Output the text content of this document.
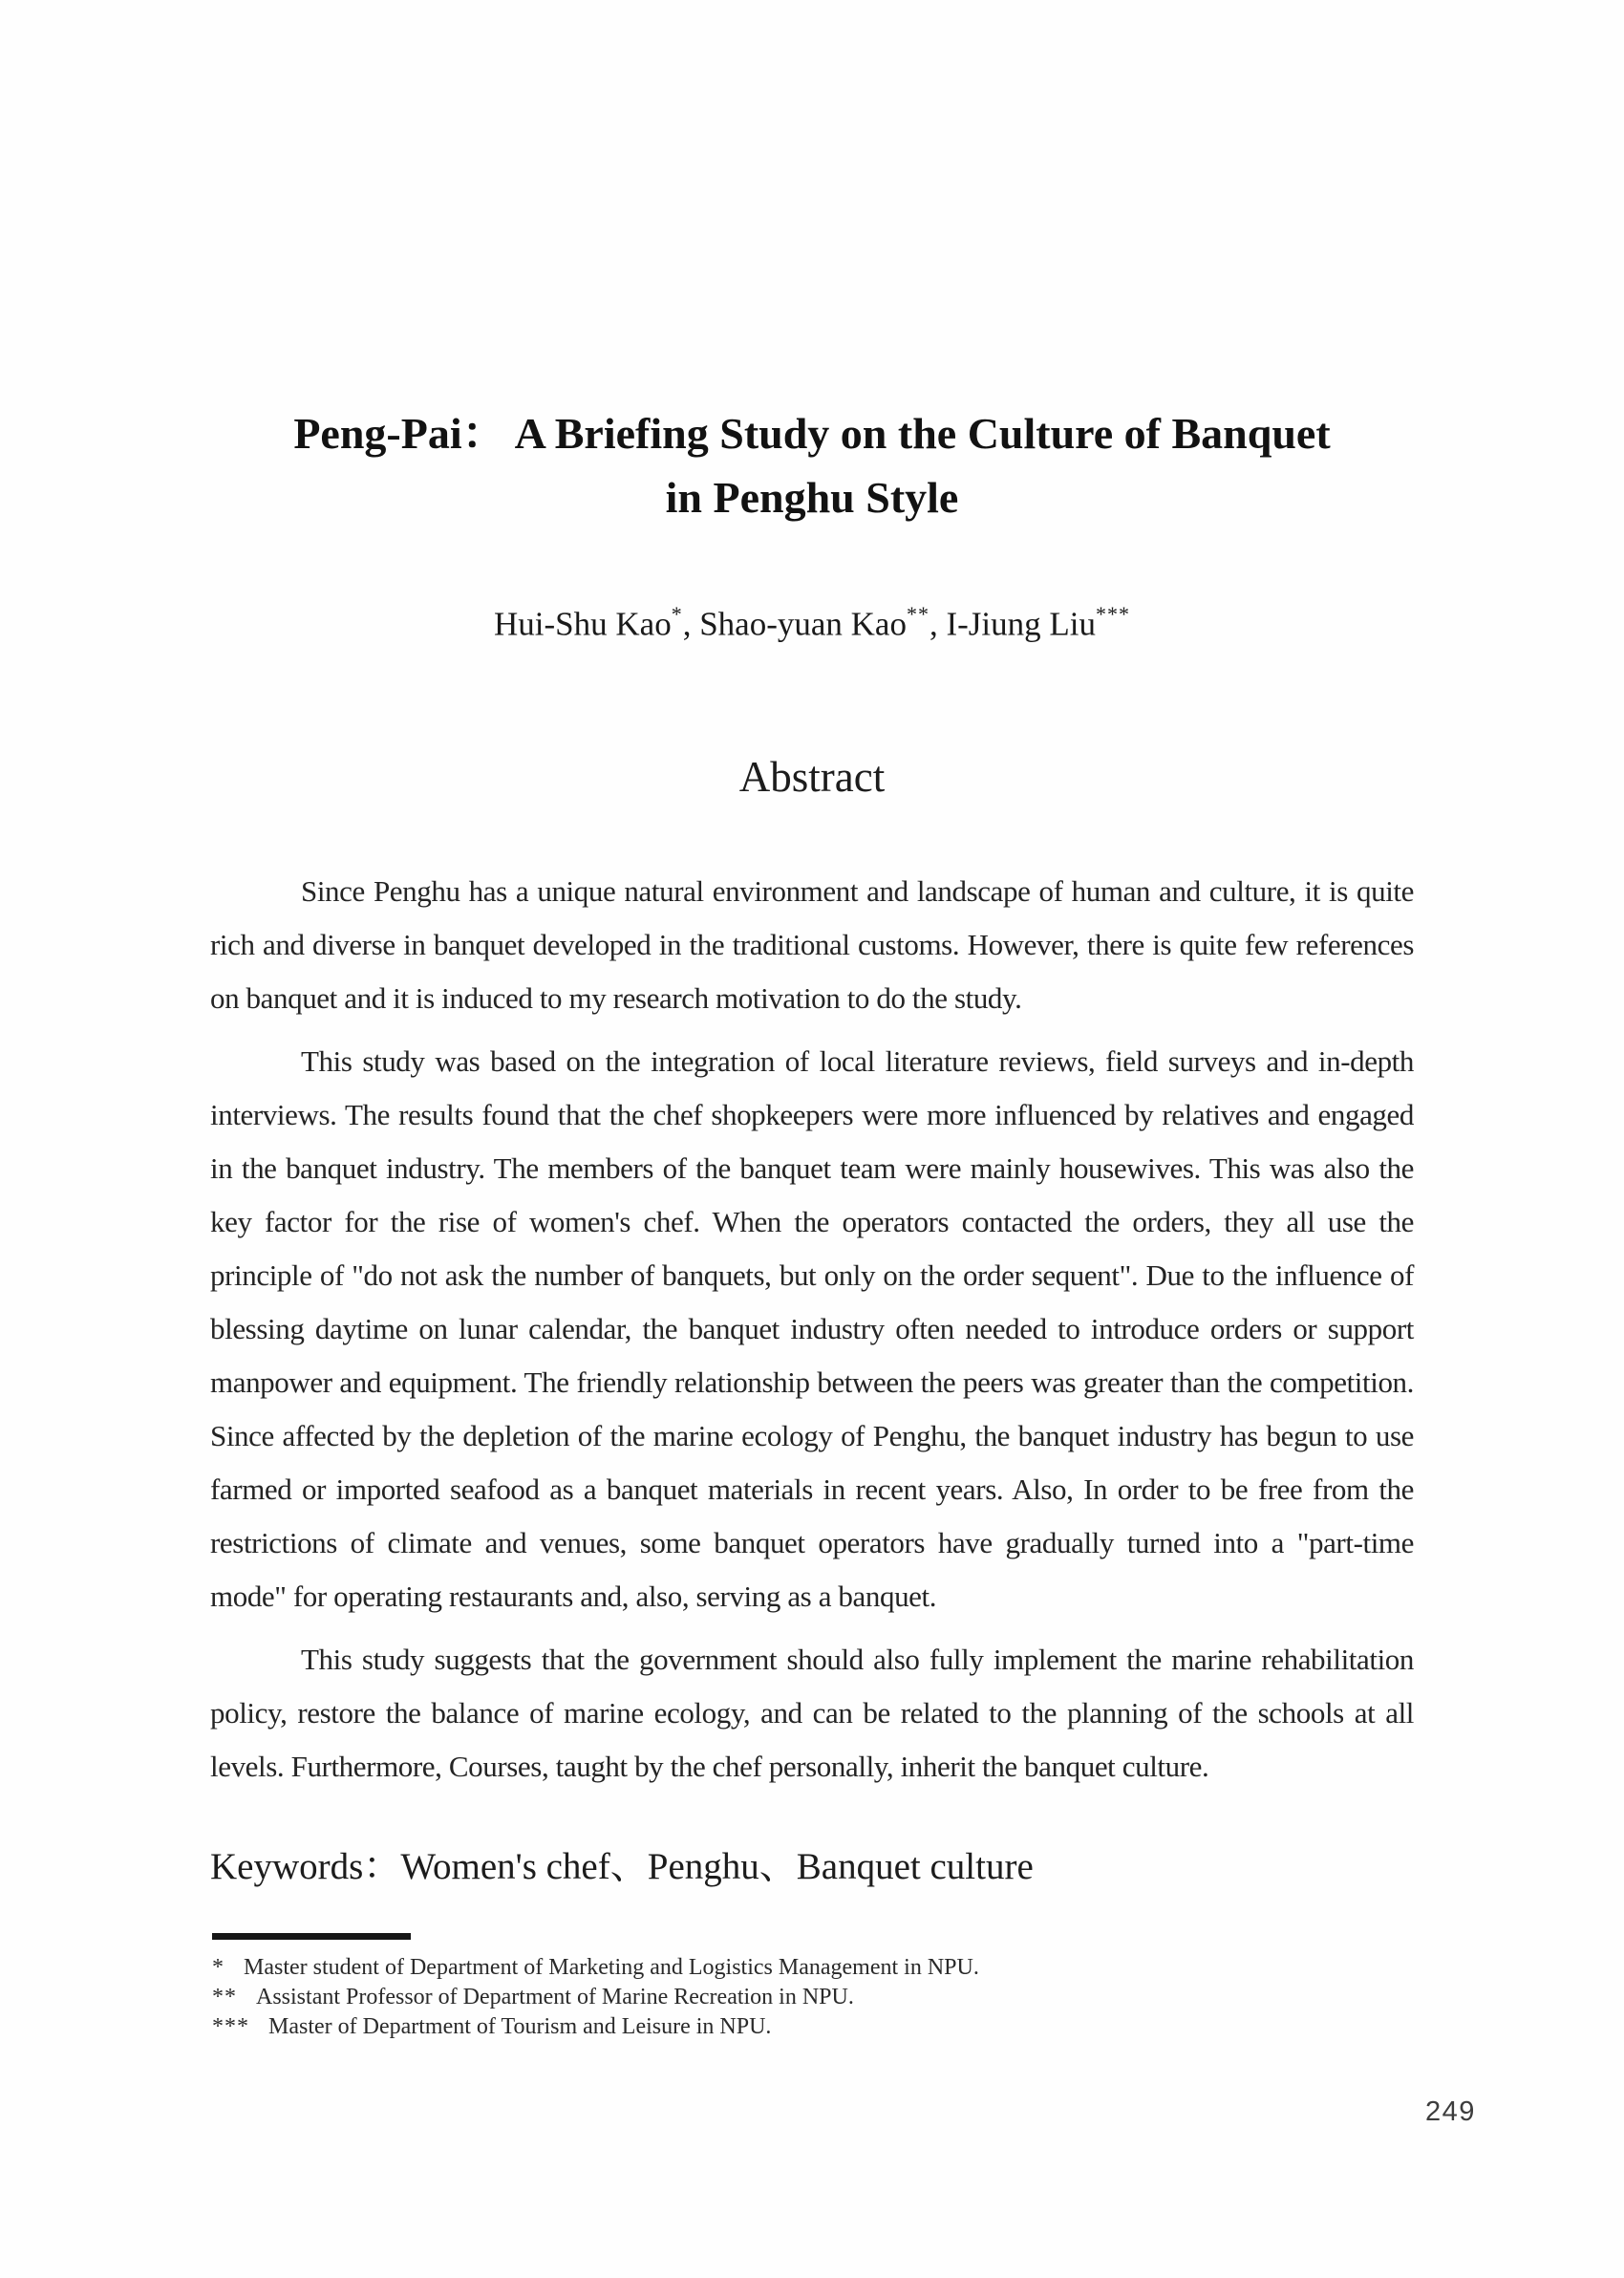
Peng-Pai： A Briefing Study on the Culture of Banquet
in Penghu Style
Hui-Shu Kao*, Shao-yuan Kao**, I-Jiung Liu***
Abstract

Since Penghu has a unique natural environment and landscape of human and culture, it is quite rich and diverse in banquet developed in the traditional customs. However, there is quite few references on banquet and it is induced to my research motivation to do the study.

This study was based on the integration of local literature reviews, field surveys and in-depth interviews. The results found that the chef shopkeepers were more influenced by relatives and engaged in the banquet industry. The members of the banquet team were mainly housewives. This was also the key factor for the rise of women's chef. When the operators contacted the orders, they all use the principle of "do not ask the number of banquets, but only on the order sequent". Due to the influence of blessing daytime on lunar calendar, the banquet industry often needed to introduce orders or support manpower and equipment. The friendly relationship between the peers was greater than the competition. Since affected by the depletion of the marine ecology of Penghu, the banquet industry has begun to use farmed or imported seafood as a banquet materials in recent years. Also, In order to be free from the restrictions of climate and venues, some banquet operators have gradually turned into a "part-time mode" for operating restaurants and, also, serving as a banquet.

This study suggests that the government should also fully implement the marine rehabilitation policy, restore the balance of marine ecology, and can be related to the planning of the schools at all levels. Furthermore, Courses, taught by the chef personally, inherit the banquet culture.

Keywords：Women's chef、Penghu、Banquet culture
* Master student of Department of Marketing and Logistics Management in NPU.
** Assistant Professor of Department of Marine Recreation in NPU.
*** Master of Department of Tourism and Leisure in NPU.
249
